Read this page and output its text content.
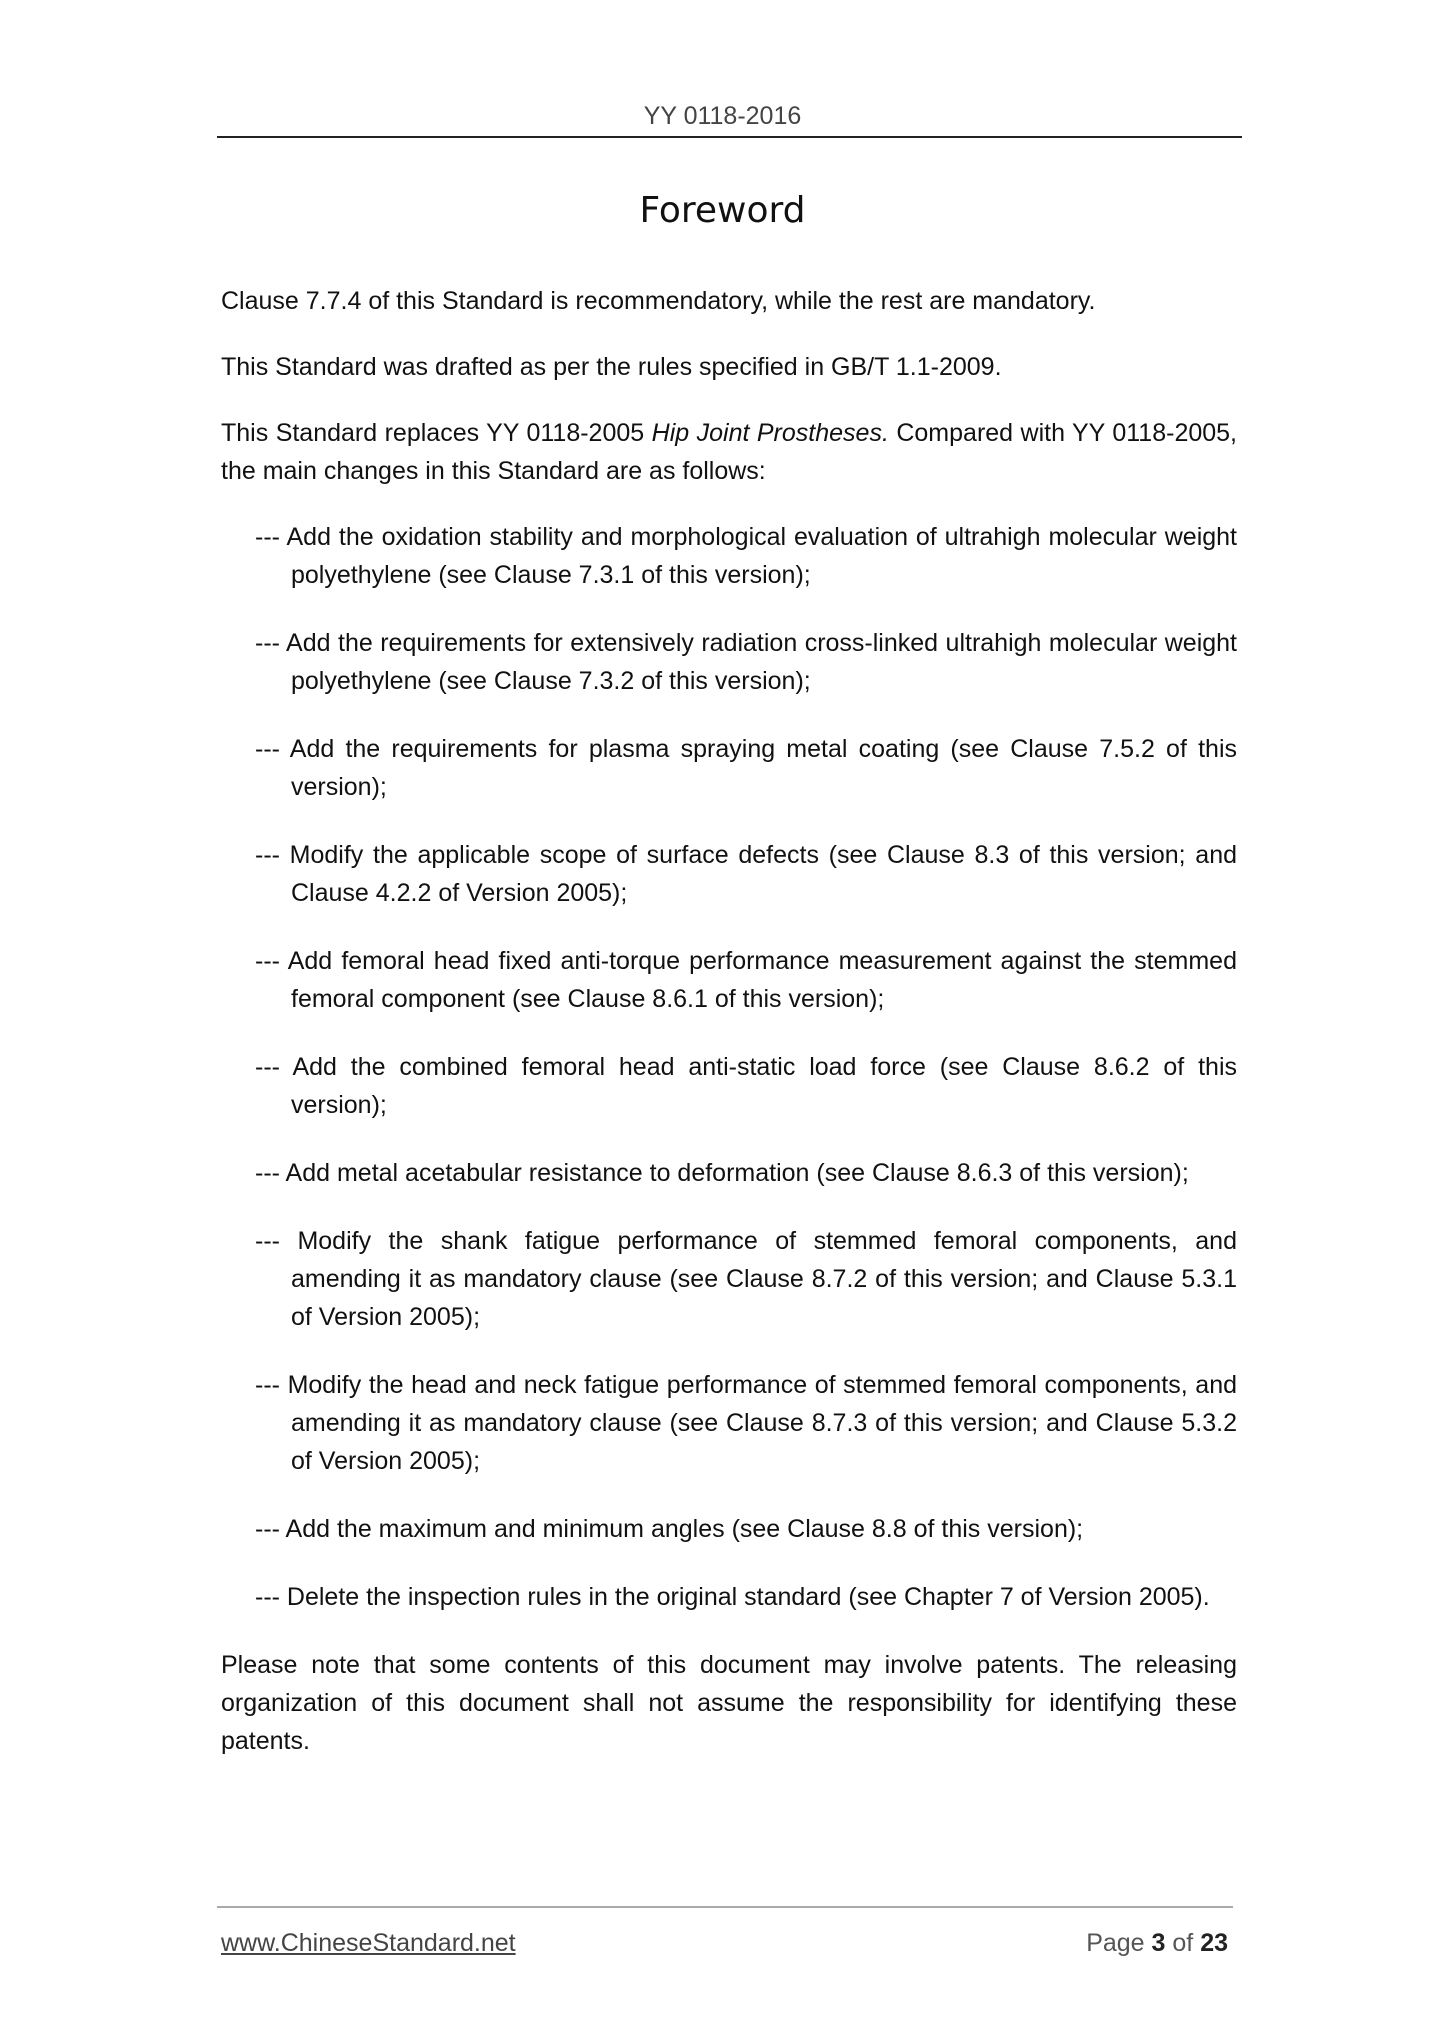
YY 0118-2016
Foreword

Clause 7.7.4 of this Standard is recommendatory, while the rest are mandatory.

This Standard was drafted as per the rules specified in GB/T 1.1-2009.

This Standard replaces YY 0118-2005 Hip Joint Prostheses. Compared with YY 0118-2005, the main changes in this Standard are as follows:

--- Add the oxidation stability and morphological evaluation of ultrahigh molecular weight polyethylene (see Clause 7.3.1 of this version);

--- Add the requirements for extensively radiation cross-linked ultrahigh molecular weight polyethylene (see Clause 7.3.2 of this version);

--- Add the requirements for plasma spraying metal coating (see Clause 7.5.2 of this version);

--- Modify the applicable scope of surface defects (see Clause 8.3 of this version; and Clause 4.2.2 of Version 2005);

--- Add femoral head fixed anti-torque performance measurement against the stemmed femoral component (see Clause 8.6.1 of this version);

--- Add the combined femoral head anti-static load force (see Clause 8.6.2 of this version);

--- Add metal acetabular resistance to deformation (see Clause 8.6.3 of this version);

--- Modify the shank fatigue performance of stemmed femoral components, and amending it as mandatory clause (see Clause 8.7.2 of this version; and Clause 5.3.1 of Version 2005);

--- Modify the head and neck fatigue performance of stemmed femoral components, and amending it as mandatory clause (see Clause 8.7.3 of this version; and Clause 5.3.2 of Version 2005);

--- Add the maximum and minimum angles (see Clause 8.8 of this version);

--- Delete the inspection rules in the original standard (see Chapter 7 of Version 2005).

Please note that some contents of this document may involve patents. The releasing organization of this document shall not assume the responsibility for identifying these patents.

www.ChineseStandard.net	Page 3 of 23
